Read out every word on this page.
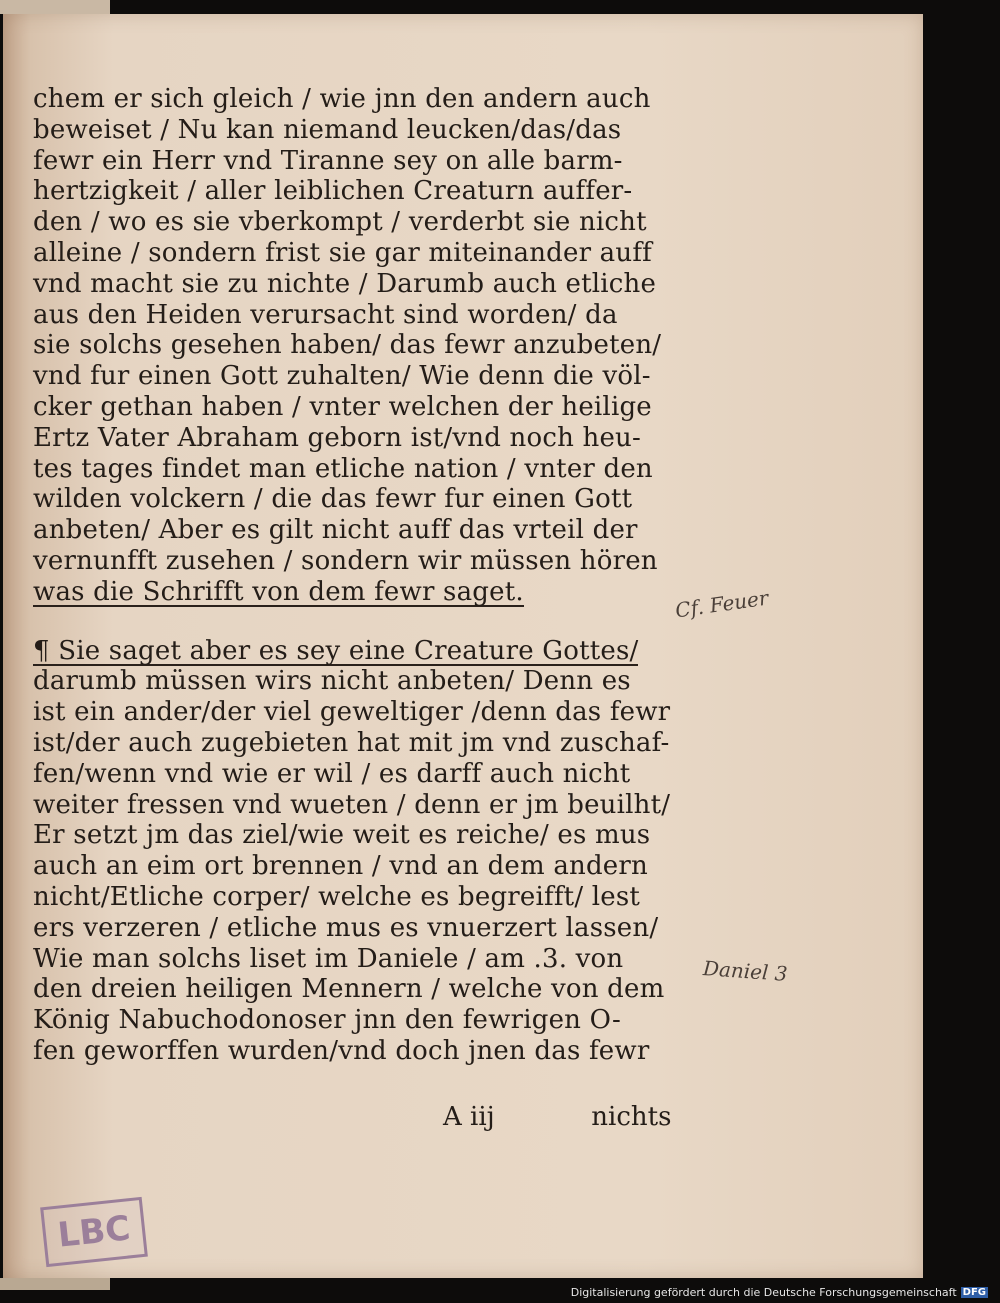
chem er sich gleich / wie jnn den andern auch
beweiset / Nu kan niemand leucken/das/das
fewr ein Herr vnd Tiranne sey on alle barm-
hertzigkeit / aller leiblichen Creaturn auffer-
den / wo es sie vberkompt / verderbt sie nicht
alleine / sondern frist sie gar miteinander auff
vnd macht sie zu nichte / Darumb auch etliche
aus den Heiden verursacht sind worden/ da
sie solchs gesehen haben/ das fewr anzubeten/
vnd fur einen Gott zuhalten/ Wie denn die völ-
cker gethan haben / vnter welchen der heilige
Ertz Vater Abraham geborn ist/vnd noch heu-
tes tages findet man etliche nation / vnter den
wilden volckern / die das fewr fur einen Gott
anbeten/ Aber es gilt nicht auff das vrteil der
vernunfft zusehen / sondern wir müssen hören
was die Schrifft von dem fewr saget.
¶ Sie saget aber es sey eine Creature Gottes/
darumb müssen wirs nicht anbeten/ Denn es
ist ein ander/der viel geweltiger /denn das fewr
ist/der auch zugebieten hat mit jm vnd zuschaf-
fen/wenn vnd wie er wil / es darff auch nicht
weiter fressen vnd wueten / denn er jm beuilht/
Er setzt jm das ziel/wie weit es reiche/ es mus
auch an eim ort brennen / vnd an dem andern
nicht/Etliche corper/ welche es begreifft/ lest
ers verzeren / etliche mus es vnuerzert lassen/
Wie man solchs liset im Daniele / am .3. von
den dreien heiligen Mennern / welche von dem
König Nabuchodonoser jnn den fewrigen O-
fen geworffen wurden/vnd doch jnen das fewr
Cf. Feuer
Daniel 3
A iij	nichts
LBC
Digitalisierung gefördert durch die Deutsche Forschungsgemeinschaft DFG
